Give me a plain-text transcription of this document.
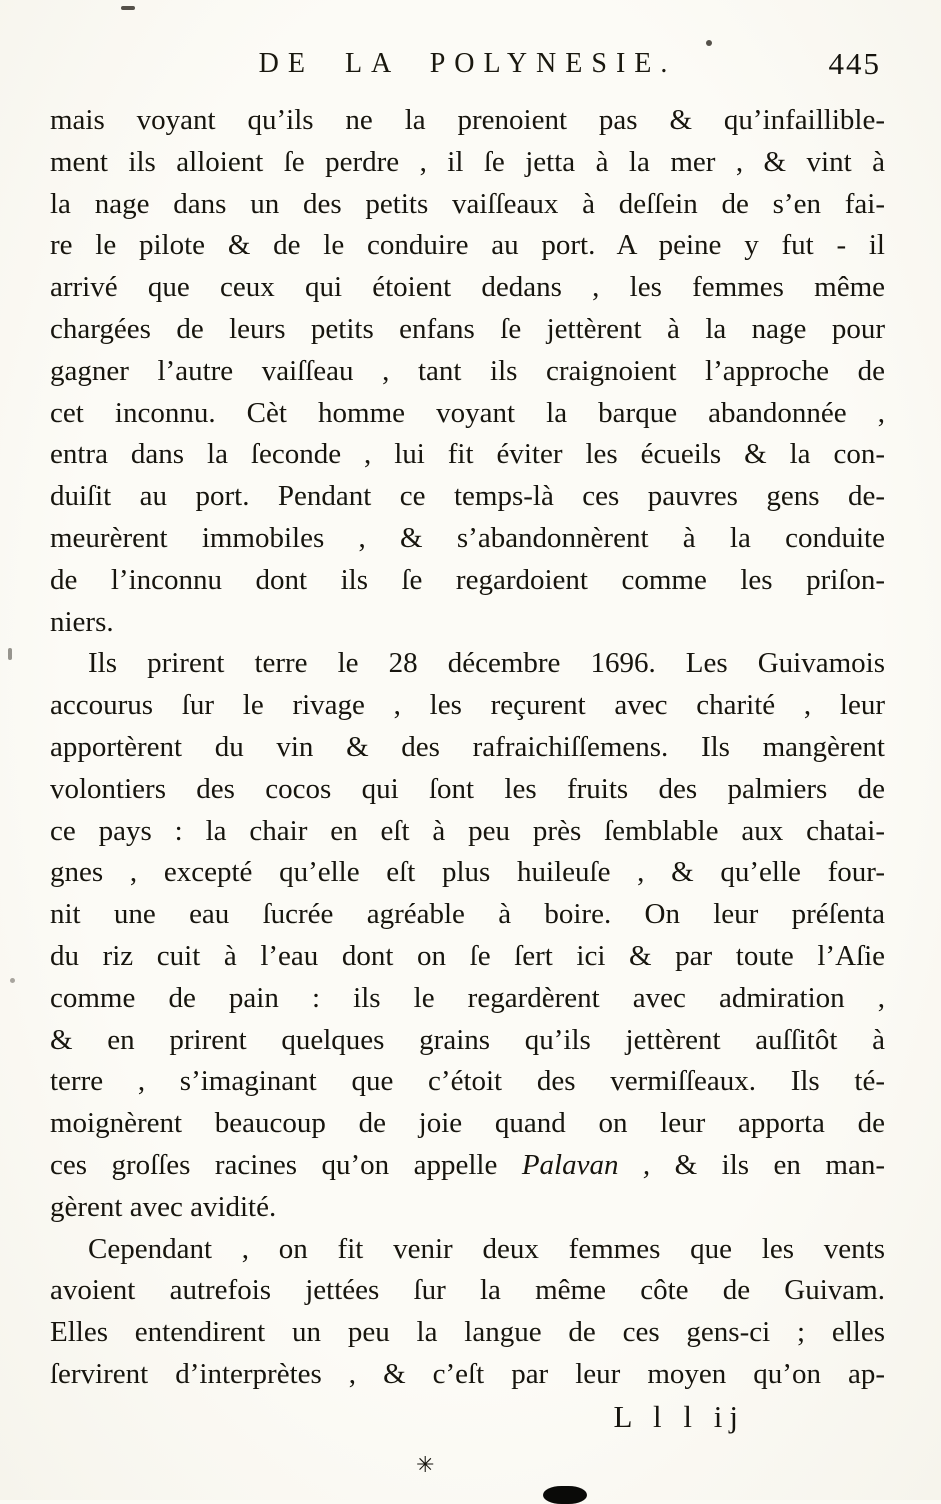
DE LA POLYNESIE.	445
mais voyant qu’ils ne la prenoient pas & qu’infaillible-
ment ils alloient ſe perdre , il ſe jetta à la mer , & vint à
la nage dans un des petits vaiſſeaux à deſſein de s’en fai-
re le pilote & de le conduire au port. A peine y fut - il
arrivé que ceux qui étoient dedans , les femmes même
chargées de leurs petits enfans ſe jettèrent à la nage pour
gagner l’autre vaiſſeau , tant ils craignoient l’approche de
cet inconnu. Cèt homme voyant la barque abandonnée ,
entra dans la ſeconde , lui fit éviter les écueils & la con-
duiſit au port. Pendant ce temps-là ces pauvres gens de-
meurèrent immobiles , & s’abandonnèrent à la conduite
de l’inconnu dont ils ſe regardoient comme les priſon-
niers.
Ils prirent terre le 28 décembre 1696. Les Guivamois
accourus ſur le rivage , les reçurent avec charité , leur
apportèrent du vin & des rafraichiſſemens. Ils mangèrent
volontiers des cocos qui ſont les fruits des palmiers de
ce pays : la chair en eſt à peu près ſemblable aux chatai-
gnes , excepté qu’elle eſt plus huileuſe , & qu’elle four-
nit une eau ſucrée agréable à boire. On leur préſenta
du riz cuit à l’eau dont on ſe ſert ici & par toute l’Aſie
comme de pain : ils le regardèrent avec admiration ,
& en prirent quelques grains qu’ils jettèrent auſſitôt à
terre , s’imaginant que c’étoit des vermiſſeaux. Ils té-
moignèrent beaucoup de joie quand on leur apporta de
ces groſſes racines qu’on appelle Palavan , & ils en man-
gèrent avec avidité.
Cependant , on fit venir deux femmes que les vents
avoient autrefois jettées ſur la même côte de Guivam.
Elles entendirent un peu la langue de ces gens-ci ; elles
ſervirent d’interprètes , & c’eſt par leur moyen qu’on ap-
L l l ij
✳
